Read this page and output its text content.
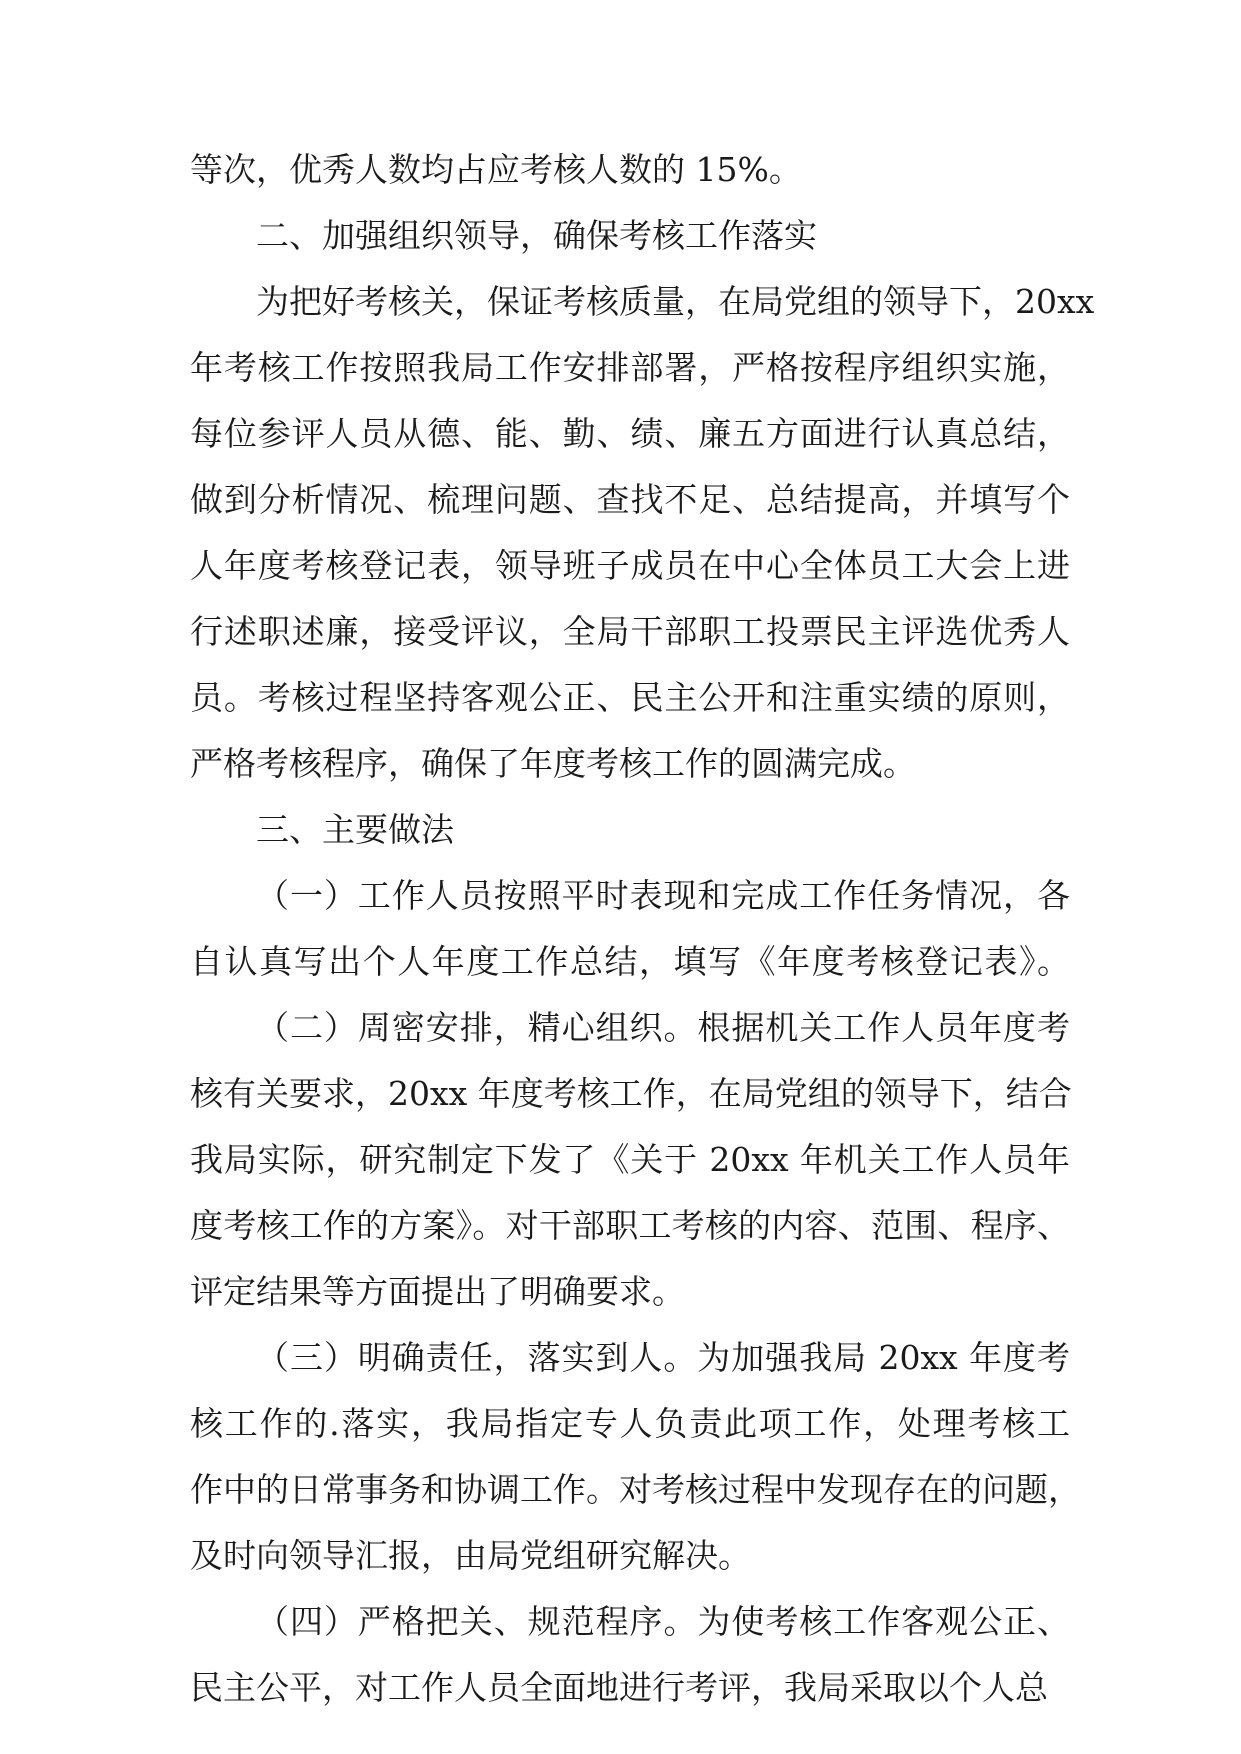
等次，优秀人数均占应考核人数的 15%。
二、加强组织领导，确保考核工作落实
为把好考核关，保证考核质量，在局党组的领导下，20xx
年考核工作按照我局工作安排部署，严格按程序组织实施，
每位参评人员从德、能、勤、绩、廉五方面进行认真总结，
做到分析情况、梳理问题、查找不足、总结提高，并填写个
人年度考核登记表，领导班子成员在中心全体员工大会上进
行述职述廉，接受评议，全局干部职工投票民主评选优秀人
员。考核过程坚持客观公正、民主公开和注重实绩的原则，
严格考核程序，确保了年度考核工作的圆满完成。
三、主要做法
（一）工作人员按照平时表现和完成工作任务情况，各
自认真写出个人年度工作总结，填写《年度考核登记表》。
（二）周密安排，精心组织。根据机关工作人员年度考
核有关要求，20xx 年度考核工作，在局党组的领导下，结合
我局实际，研究制定下发了《关于 20xx 年机关工作人员年
度考核工作的方案》。对干部职工考核的内容、范围、程序、
评定结果等方面提出了明确要求。
（三）明确责任，落实到人。为加强我局 20xx 年度考
核工作的.落实，我局指定专人负责此项工作，处理考核工
作中的日常事务和协调工作。对考核过程中发现存在的问题，
及时向领导汇报，由局党组研究解决。
（四）严格把关、规范程序。为使考核工作客观公正、
民主公平，对工作人员全面地进行考评，我局采取以个人总
